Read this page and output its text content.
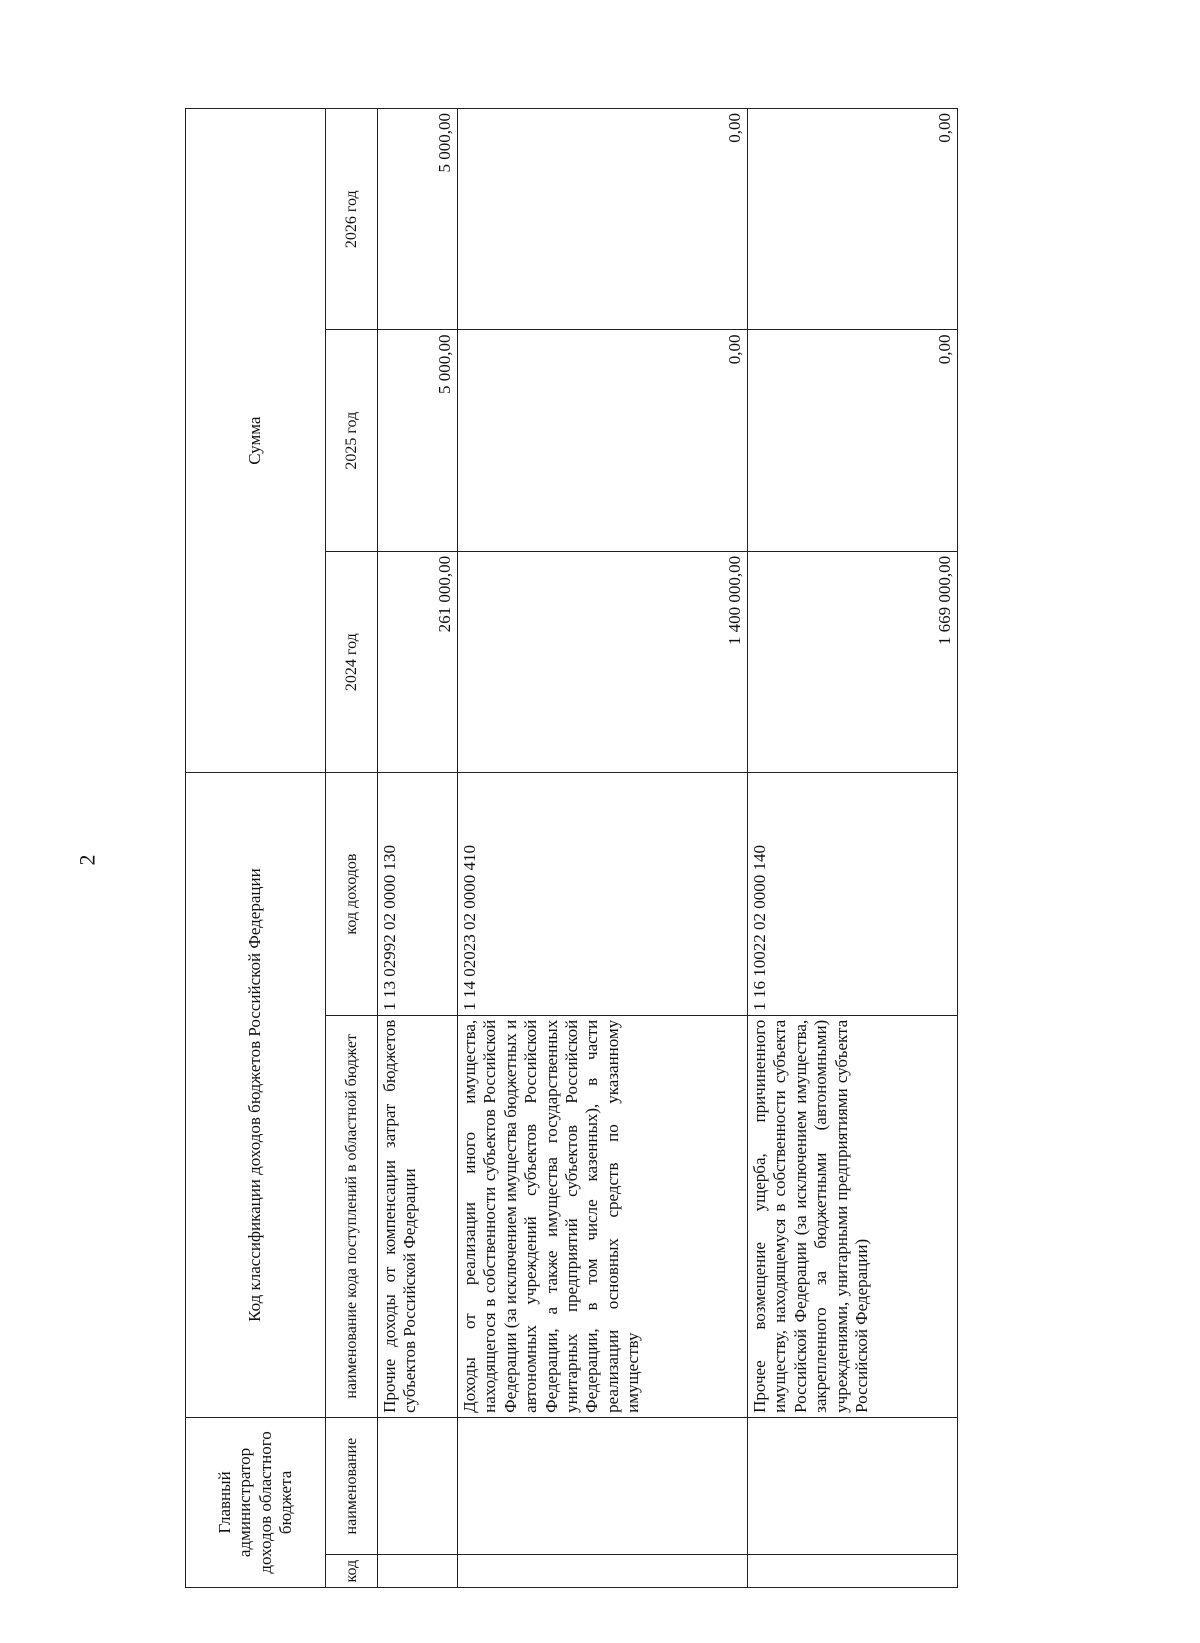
2
Главный администратор доходов областного бюджета		Код классификации доходов бюджетов Российской Федерации		Сумма		
код	наименование	наименование кода поступлений в областной бюджет	код доходов	2024 год	2025 год	2026 год
		Прочие доходы от компенсации затрат бюджетов субъектов Российской Федерации	1 13 02992 02 0000 130	261 000,00	5 000,00	5 000,00
		Доходы от реализации иного имущества, находящегося в собственности субъектов Российской Федерации (за исключением имущества бюджетных и автономных учреждений субъектов Российской Федерации, а также имущества государственных унитарных предприятий субъектов Российской Федерации, в том числе казенных), в части реализации основных средств по указанному имуществу	1 14 02023 02 0000 410	1 400 000,00	0,00	0,00
		Прочее возмещение ущерба, причиненного имуществу, находящемуся в собственности субъекта Российской Федерации (за исключением имущества, закрепленного за бюджетными (автономными) учреждениями, унитарными предприятиями субъекта Российской Федерации)	1 16 10022 02 0000 140	1 669 000,00	0,00	0,00
